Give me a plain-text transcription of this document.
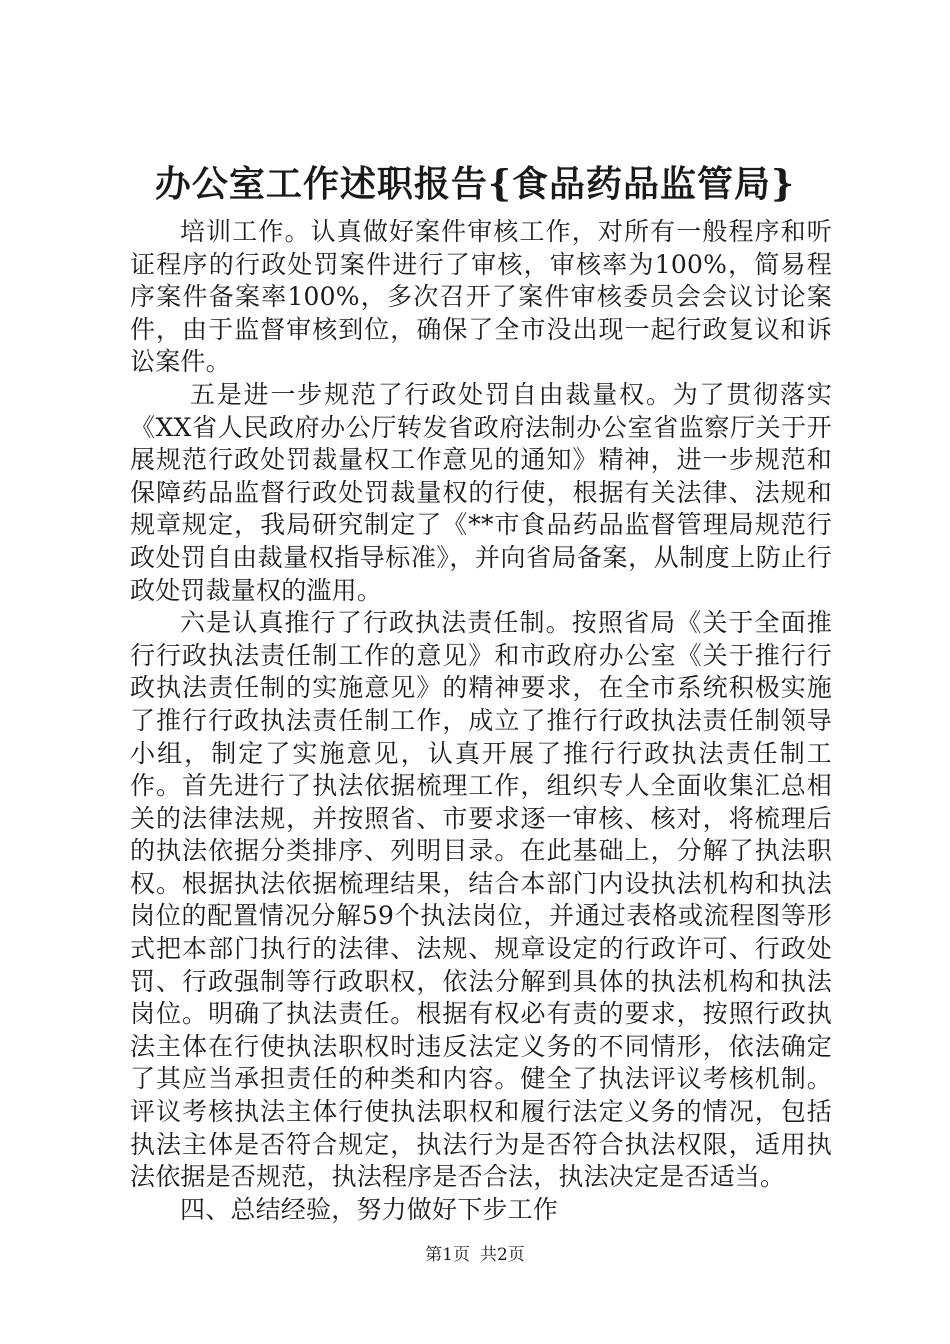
办公室工作述职报告{食品药品监管局}

培训工作。认真做好案件审核工作，对所有一般程序和听证程序的行政处罚案件进行了审核，审核率为100%，简易程序案件备案率100%，多次召开了案件审核委员会会议讨论案件，由于监督审核到位，确保了全市没出现一起行政复议和诉讼案件。

五是进一步规范了行政处罚自由裁量权。为了贯彻落实《XX省人民政府办公厅转发省政府法制办公室省监察厅关于开展规范行政处罚裁量权工作意见的通知》精神，进一步规范和保障药品监督行政处罚裁量权的行使，根据有关法律、法规和规章规定，我局研究制定了《**市食品药品监督管理局规范行政处罚自由裁量权指导标准》，并向省局备案，从制度上防止行政处罚裁量权的滥用。

六是认真推行了行政执法责任制。按照省局《关于全面推行行政执法责任制工作的意见》和市政府办公室《关于推行行政执法责任制的实施意见》的精神要求，在全市系统积极实施了推行行政执法责任制工作，成立了推行行政执法责任制领导小组，制定了实施意见，认真开展了推行行政执法责任制工作。首先进行了执法依据梳理工作，组织专人全面收集汇总相关的法律法规，并按照省、市要求逐一审核、核对，将梳理后的执法依据分类排序、列明目录。在此基础上，分解了执法职权。根据执法依据梳理结果，结合本部门内设执法机构和执法岗位的配置情况分解59个执法岗位，并通过表格或流程图等形式把本部门执行的法律、法规、规章设定的行政许可、行政处罚、行政强制等行政职权，依法分解到具体的执法机构和执法岗位。明确了执法责任。根据有权必有责的要求，按照行政执法主体在行使执法职权时违反法定义务的不同情形，依法确定了其应当承担责任的种类和内容。健全了执法评议考核机制。评议考核执法主体行使执法职权和履行法定义务的情况，包括执法主体是否符合规定，执法行为是否符合执法权限，适用执法依据是否规范，执法程序是否合法，执法决定是否适当。

四、总结经验，努力做好下步工作

第1页 共2页
